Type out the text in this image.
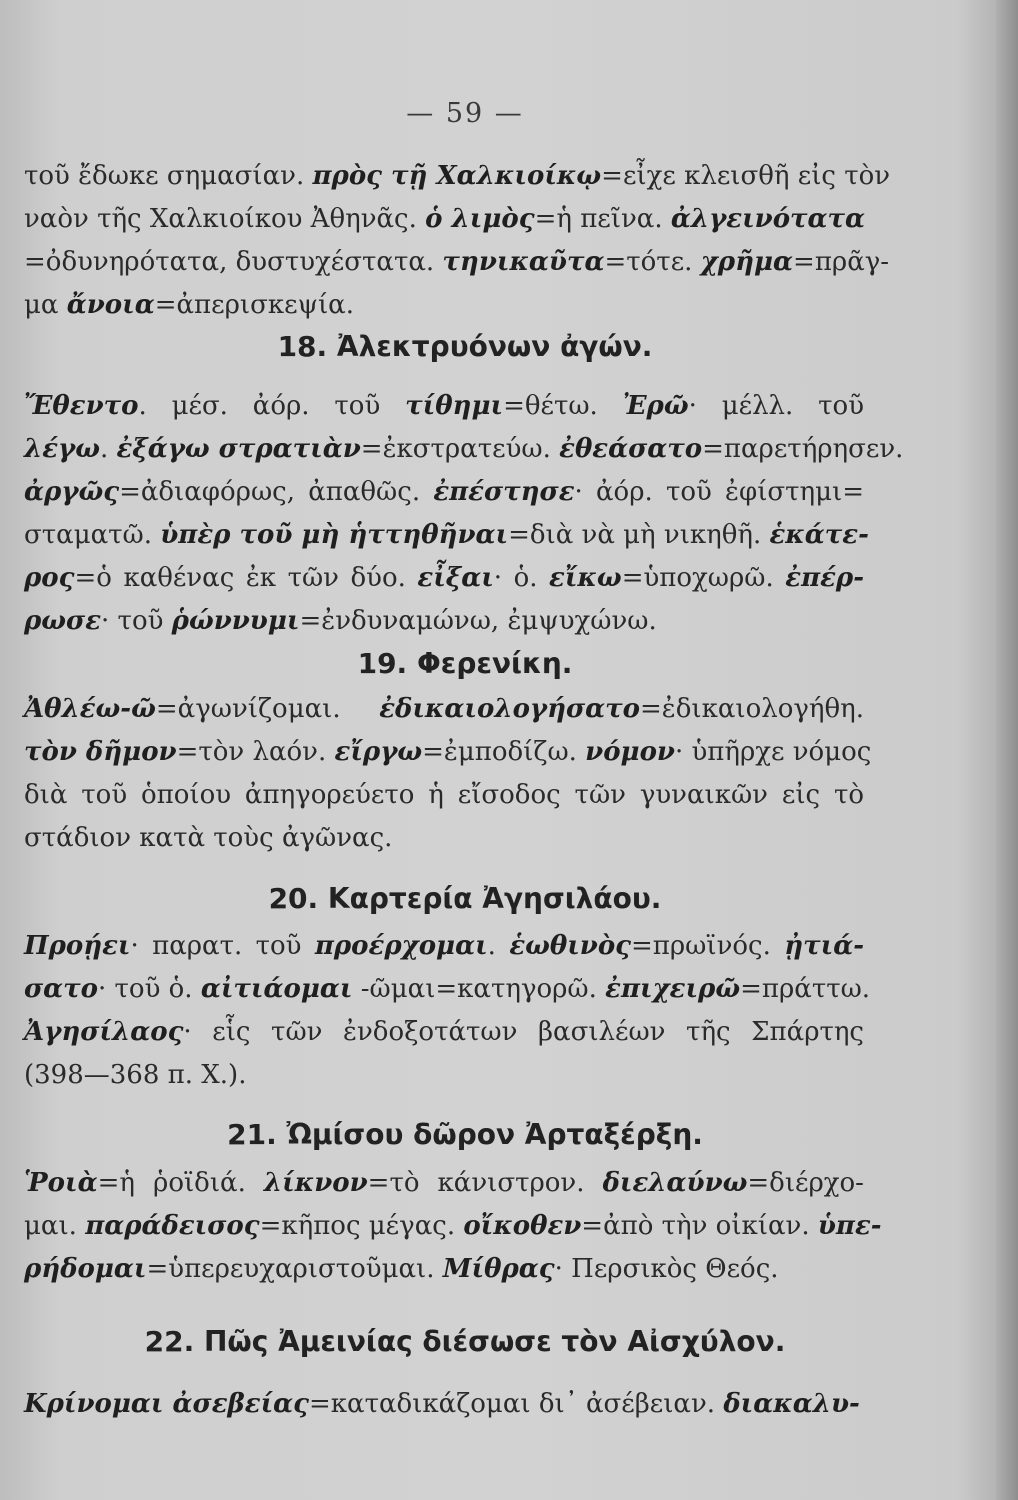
— 59 —
τοῦ ἔδωκε σημασίαν. πρὸς τῇ Χαλκιοίκῳ=εἶχε κλεισθῆ εἰς τὸν
ναὸν τῆς Χαλκιοίκου Ἀθηνᾶς. ὁ λιμὸς=ἡ πεῖνα. ἀλγεινότατα
=ὀδυνηρότατα, δυστυχέστατα. τηνικαῦτα=τότε. χρῆμα=πρᾶγ-
μα ἄνοια=ἀπερισκεψία.
18. Ἀλεκτρυόνων ἀγών.
Ἔθεντο. μέσ. ἀόρ. τοῦ τίθημι=θέτω. Ἐρῶ· μέλλ. τοῦ
λέγω. ἐξάγω στρατιὰν=ἐκστρατεύω. ἐθεάσατο=παρετήρησεν.
ἀργῶς=ἀδιαφόρως, ἀπαθῶς. ἐπέστησε· ἀόρ. τοῦ ἐφίστημι=
σταματῶ. ὑπὲρ τοῦ μὴ ἡττηθῆναι=διὰ νὰ μὴ νικηθῆ. ἑκάτε-
ρος=ὁ καθένας ἐκ τῶν δύο. εἶξαι· ὁ. εἴκω=ὑποχωρῶ. ἐπέρ-
ρωσε· τοῦ ῥώννυμι=ἐνδυναμώνω, ἐμψυχώνω.
19. Φερενίκη.
Ἀθλέω-ῶ=ἀγωνίζομαι. ἐδικαιολογήσατο=ἐδικαιολογήθη.
τὸν δῆμον=τὸν λαόν. εἴργω=ἐμποδίζω. νόμον· ὑπῆρχε νόμος
διὰ τοῦ ὁποίου ἀπηγορεύετο ἡ εἴσοδος τῶν γυναικῶν εἰς τὸ
στάδιον κατὰ τοὺς ἀγῶνας.
20. Καρτερία Ἀγησιλάου.
Προῄει· παρατ. τοῦ προέρχομαι. ἑωθινὸς=πρωϊνός. ᾐτιά-
σατο· τοῦ ὁ. αἰτιάομαι -ῶμαι=κατηγορῶ. ἐπιχειρῶ=πράττω.
Ἀγησίλαος· εἷς τῶν ἐνδοξοτάτων βασιλέων τῆς Σπάρτης
(398—368 π. Χ.).
21. Ὠμίσου δῶρον Ἀρταξέρξη.
Ῥοιὰ=ἡ ῥοϊδιά. λίκνον=τὸ κάνιστρον. διελαύνω=διέρχο-
μαι. παράδεισος=κῆπος μέγας. οἴκοθεν=ἀπὸ τὴν οἰκίαν. ὑπε-
ρήδομαι=ὑπερευχαριστοῦμαι. Μίθρας· Περσικὸς Θεός.
22. Πῶς Ἀμεινίας διέσωσε τὸν Αἰσχύλον.
Κρίνομαι ἀσεβείας=καταδικάζομαι δι᾽ ἀσέβειαν. διακαλυ-
